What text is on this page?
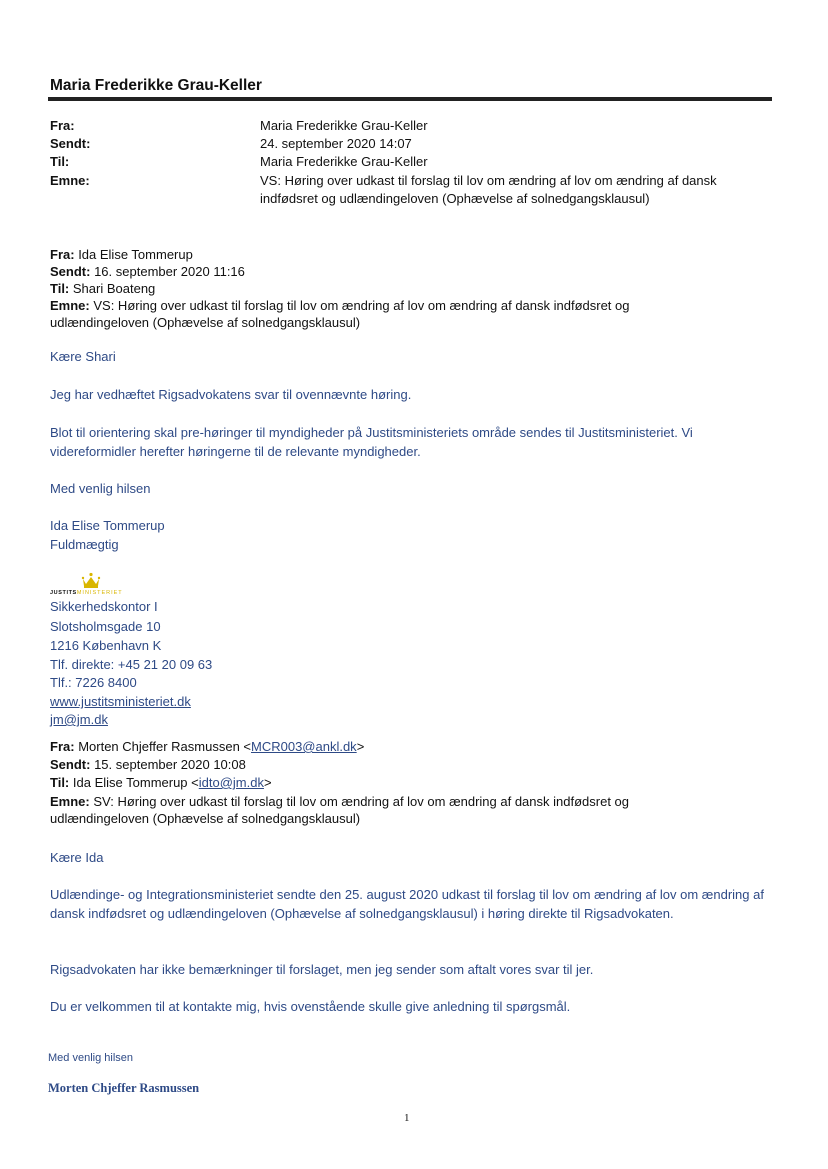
Maria Frederikke Grau-Keller
Fra:	Maria Frederikke Grau-Keller
Sendt:	24. september 2020 14:07
Til:	Maria Frederikke Grau-Keller
Emne:	VS: Høring over udkast til forslag til lov om ændring af lov om ændring af dansk indfødsret og udlændingeloven (Ophævelse af solnedgangsklausul)
Fra: Ida Elise Tommerup
Sendt: 16. september 2020 11:16
Til: Shari Boateng
Emne: VS: Høring over udkast til forslag til lov om ændring af lov om ændring af dansk indfødsret og udlændingeloven (Ophævelse af solnedgangsklausul)
Kære Shari
Jeg har vedhæftet Rigsadvokatens svar til ovennævnte høring.
Blot til orientering skal pre-høringer til myndigheder på Justitsministeriets område sendes til Justitsministeriet. Vi videreformidler herefter høringerne til de relevante myndigheder.
Med venlig hilsen
Ida Elise Tommerup
Fuldmægtig
JUSTITSMINISTERIET
Sikkerhedskontor I
Slotsholmsgade 10
1216 København K
Tlf. direkte: +45 21 20 09 63
Tlf.: 7226 8400
www.justitsministeriet.dk
jm@jm.dk
Fra: Morten Chjeffer Rasmussen <MCR003@ankl.dk>
Sendt: 15. september 2020 10:08
Til: Ida Elise Tommerup <idto@jm.dk>
Emne: SV: Høring over udkast til forslag til lov om ændring af lov om ændring af dansk indfødsret og udlændingeloven (Ophævelse af solnedgangsklausul)
Kære Ida
Udlændinge- og Integrationsministeriet sendte den 25. august 2020 udkast til forslag til lov om ændring af lov om ændring af dansk indfødsret og udlændingeloven (Ophævelse af solnedgangsklausul) i høring direkte til Rigsadvokaten.
Rigsadvokaten har ikke bemærkninger til forslaget, men jeg sender som aftalt vores svar til jer.
Du er velkommen til at kontakte mig, hvis ovenstående skulle give anledning til spørgsmål.
Med venlig hilsen
Morten Chjeffer Rasmussen
1
